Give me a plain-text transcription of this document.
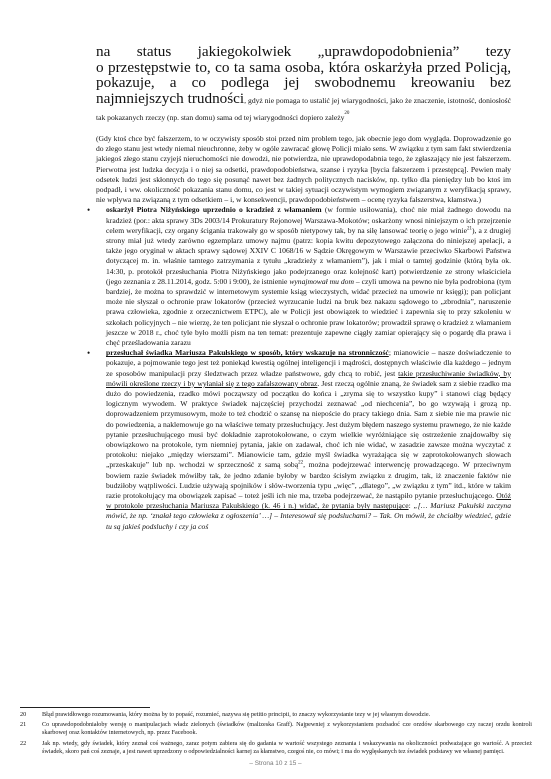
na status jakiegokolwiek „uprawdopodobnienia” tezy

o przestępstwie to, co ta sama osoba, która oskarżyła przed Policją,

pokazuje, a co podlega jej swobodnemu kreowaniu bez

najmniejszych trudności, gdyż nie pomaga to ustalić jej wiarygodności, jako że znaczenie, istotność, doniosłość tak pokazanych rzeczy (np. stan domu) sama od tej wiarygodności dopiero zależy$^{20}$

(Gdy ktoś chce być fałszerzem, to w oczywisty sposób stoi przed nim problem tego, jak obecnie jego dom wygląda. Doprowadzenie go do złego stanu jest wtedy niemal nieuchronne, żeby w ogóle zawracać głowę Policji miało sens. W związku z tym sam fakt stwierdzenia jakiegoś złego stanu czyjejś nieruchomości nie dowodzi, nie potwierdza, nie uprawdopodabnia tego, że zgłaszający nie jest fałszerzem. Pierwotna jest ludzka decyzja i o niej sa odsetki, prawdopodobieństwa, szanse i ryzyka [bycia fałszerzem i przestępcą]. Pewien mały odsetek ludzi jest skłonnych do tego się posunąć nawet bez żadnych politycznych nacisków, np. tylko dla pieniędzy lub bo ktoś im podpadł, i ww. okoliczność pokazania stanu domu, co jest w takiej sytuacji oczywistym wymogiem związanym z weryfikacją sprawy, nie wpływa na związaną z tym odsetkiem – i, w konsekwencji, prawdopodobieństwem – ocenę ryzyka fałszerstwa, kłamstwa.)

• oskarżył Piotra Niżyńskiego uprzednio o kradzież z włamaniem (w formie usiłowania), choć nie miał żadnego dowodu na kradzież (por.: akta sprawy 3Ds 2003/14 Prokuratury Rejonowej Warszawa-Mokotów; oskarżony wnosi niniejszym o ich przejrzenie celem weryfikacji, czy organy ścigania trakowały go w sposób nietypowy tak, by na siłę lansować teorię o jego winie$^{21}$), a z drugiej strony miał już wtedy zarówno egzemplarz umowy najmu (patrz: kopia kwitu depozytowego załączona do niniejszej apelacji, a także jego oryginał w aktach sprawy sądowej XXIV C 1068/16 w Sądzie Okręgowym w Warszawie przeciwko Skarbowi Państwa dotyczącej m. in. właśnie tamtego zatrzymania z tytułu „kradzieży z włamaniem”), jak i miał o tamtej godzinie (którą była ok. 14:30, p. protokół przesłuchania Piotra Niżyńskiego jako podejrzanego oraz kolejność kart) potwierdzenie ze strony właścicielа (jego zeznania z 28.11.2014, godz. 5:00 i 9:00), że istnienie wynajmował mu dom – czyli umowa na pewno nie była podrobiona (tym bardziej, że można to sprawdzić w internetowym systemie ksiąg wieczystych, widać przecież na umowie nr księgi); pan policjant może nie słyszał o ochronie praw lokatorów (przecież wyrzucanie ludzi na bruk bez nakazu sądowego to „zbrodnia”, naruszenie prawa człowieka, zgodnie z orzecznictwem ETPC), ale w Policji jest obowiązek to wiedzieć i zapewnia się to przy szkoleniu w szkołach policyjnych – nie wierzę, że ten policjant nie słyszał o ochronie praw lokatorów; prowadził sprawę o kradzież z włamaniem jeszcze w 2018 r., choć tyle było możli pism na ten temat: prezentuje zapewne ciągły zamiar opierający się o pogardę dla prawa i chęć prześladowania zarazu
• przesłuchał świadka Mariusza Pakułskiego w sposób, który wskazuje na stronniczość; mianowicie – nasze doświadczenie to pokazuje, a pojmowanie tego jest też poniekąd kwestią ogólnej inteligencji i mądrości, dostępnych właściwie dla każdego – jednym ze sposobów manipulacji przy śledztwach przez władze państwowe, gdy chcą to robić, jest takie przesłuchiwanie świadków, by mówili określone rzeczy i by wyłaniał się z tego zafałszowany obraz. Jest rzeczą ogólnie znaną, że świadek sam z siebie rzadko ma dużo do powiedzenia, rzadko mówi począwszy od początku do końca i „zryma się to wszystko kupy” i stanowi ciąg będący logicznym wywodem. W praktyce świadek najczęściej przychodzi zeznawać „od niechcenia”, bo go wzywają i grozą np. doprowadzeniem przymusowym, może to też chodzić o szansę na niepoście do pracy takiego dnia. Sam z siebie nie ma prawie nic do powiedzenia, a naklemowuje go na właściwe tematy przesłuchujący. Jest dużym błędem naszego systemu prawnego, że nie każde pytanie przesłuchującego musi być dokładnie zaprotokołowane, o czym wielkie wyróżniające się ostrzeżenie znajdowałby się obowiązkowo na protokole, tym niemniej pytania, jakie on zadawał, choć ich nie widać, w zasadzie zawsze można wyczytać z protokołu: niejako „między wierszami”. Mianowicie tam, gdzie myśl świadka wyrażająca się w zaprotokołowanych słowach „przeskakuje” lub np. wchodzi w sprzeczność z samą sobą$^{22}$, można podejrzewać interwencję prowadzącego. W przeciwnym bowiem razie świadek mówiłby tak, że jedno zdanie byłoby w bardzo ścisłym związku z drugim, tak, iż znaczenie faktów nie budziłoby wątpliwości. Ludzie używają spojników i słów-tworzenia typu „więc”, „dlatego”, „w związku z tym” itd., które w takim razie protokołujący ma obowiązek zapisać – toteż jeśli ich nie ma, trzeba podejrzewać, że nastąpiło pytanie przesłuchującego. Otóż w protokole przesłuchania Mariusza Pakułskiego (k. 46 i n.) widać, że pytania były następujące: „[… Mariusz Pakułski zaczyna mówić, że np. ‘znałał tego człowieka z ogłoszenia’ …] – Interesował się podsluchami? – Tak. On mówił, że chciałby wiedzieć, gdzie tu są jakieś podsluchy i czy ja coś
20	Błąd prawidłowego rozumowania, który można by to popaść, rozumieć, nazywa się petitio principii, to znaczy wykorzystanie tezy w jej własnym dowodzie.
21	Co uprawdopodobniałoby wersję o manipulacjach władz zielonych (świadków (malizeska Graff). Najpewniej z wykorzystaniem pozbadoć cze orzdów skarbowego czy raczej orzdu kontroli skarbowej oraz kontaktów internetowych, np. przez Facebook.
22	Jak np. wtedy, gdy świadek, który zeznał coś ważnego, zaraz potym zabiera się do gadania w wartość wszystego zeznania i wskazywania na okoliczności podważające go wartość. A przecież świadek, skoro pań coś zeznaje, a jest nawet uprzedzony o odpowiedzialności karnej za kłamstwo, czegoś nie, co mówi; i ma do wyglęskanych tez świadek podstawy we własnej pamięci.
– Strona 10 z 15 –
